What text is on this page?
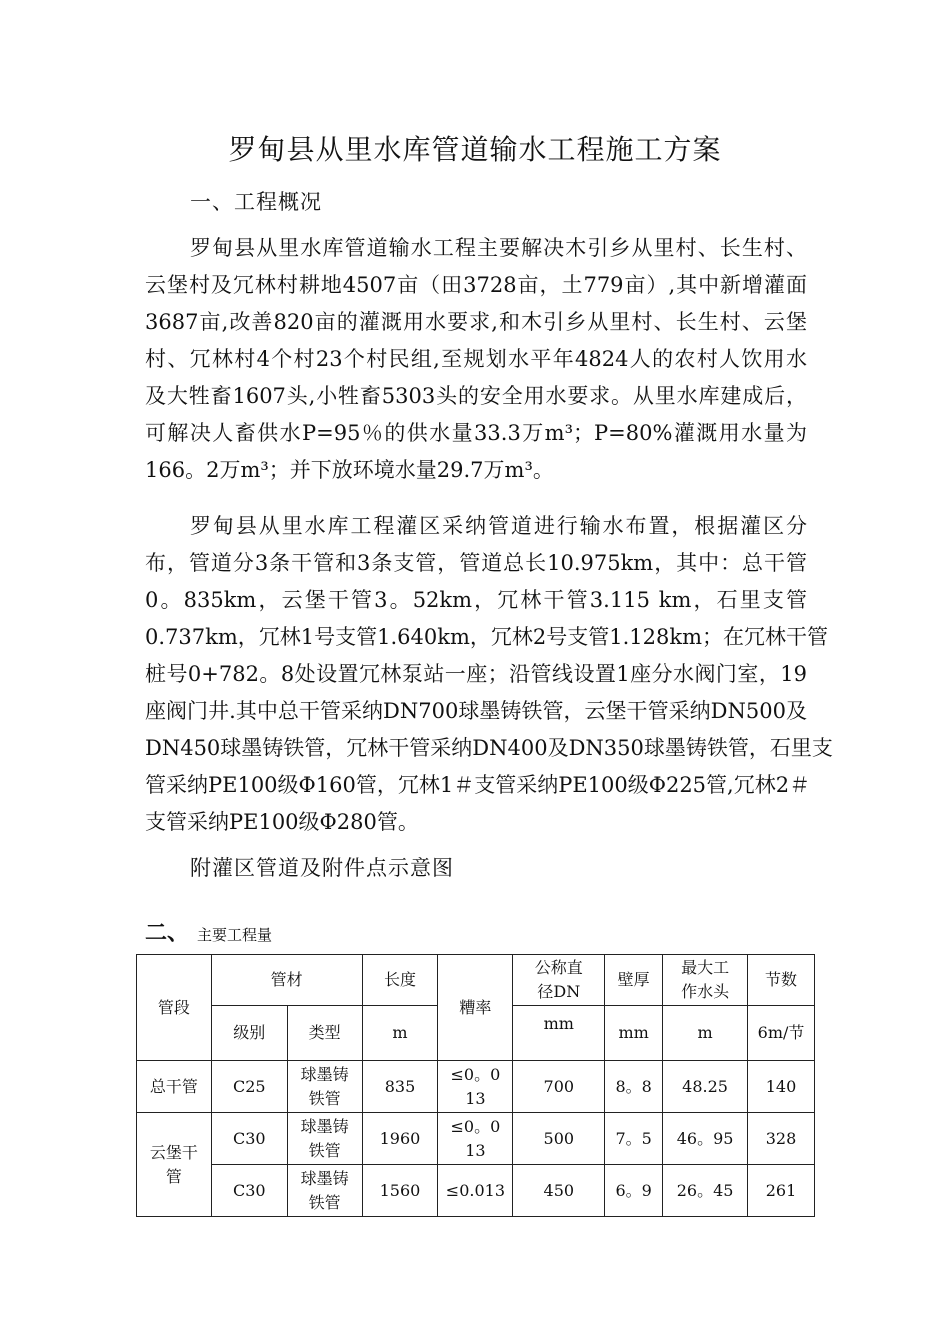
罗甸县从里水库管道输水工程施工方案
一、工程概况
罗甸县从里水库管道输水工程主要解决木引乡从里村、长生村、
云堡村及冗林村耕地4507亩（田3728亩，土779亩）,其中新增灌面
3687亩,改善820亩的灌溉用水要求,和木引乡从里村、长生村、云堡
村、冗林村4个村23个村民组,至规划水平年4824人的农村人饮用水
及大牲畜1607头,小牲畜5303头的安全用水要求。从里水库建成后，
可解决人畜供水P=95％的供水量33.3万m³；P=80%灌溉用水量为
166。2万m³；并下放环境水量29.7万m³。
罗甸县从里水库工程灌区采纳管道进行输水布置，根据灌区分
布，管道分3条干管和3条支管，管道总长10.975km，其中：总干管
0。835km，云堡干管3。52km，冗林干管3.115 km，石里支管
0.737km，冗林1号支管1.640km，冗林2号支管1.128km；在冗林干管
桩号0+782。8处设置冗林泵站一座；沿管线设置1座分水阀门室，19
座阀门井.其中总干管采纳DN700球墨铸铁管，云堡干管采纳DN500及
DN450球墨铸铁管，冗林干管采纳DN400及DN350球墨铸铁管，石里支
管采纳PE100级Φ160管，冗林1＃支管采纳PE100级Φ225管,冗林2＃
支管采纳PE100级Φ280管。
附灌区管道及附件点示意图
二、 主要工程量
管段	管材		长度	糟率	公称直
径DN	壁厚	最大工
作水头	节数
	级别	类型	m		mm	mm	m	6m/节
总干管	C25	球墨铸
铁管	835	≤0。0
13	700	8。8	48.25	140

云堡干
管	C30	球墨铸
铁管	1960	≤0。0
13	500	7。5	46。95	328
	C30	球墨铸
铁管	1560	≤0.013	450	6。9	26。45	261
